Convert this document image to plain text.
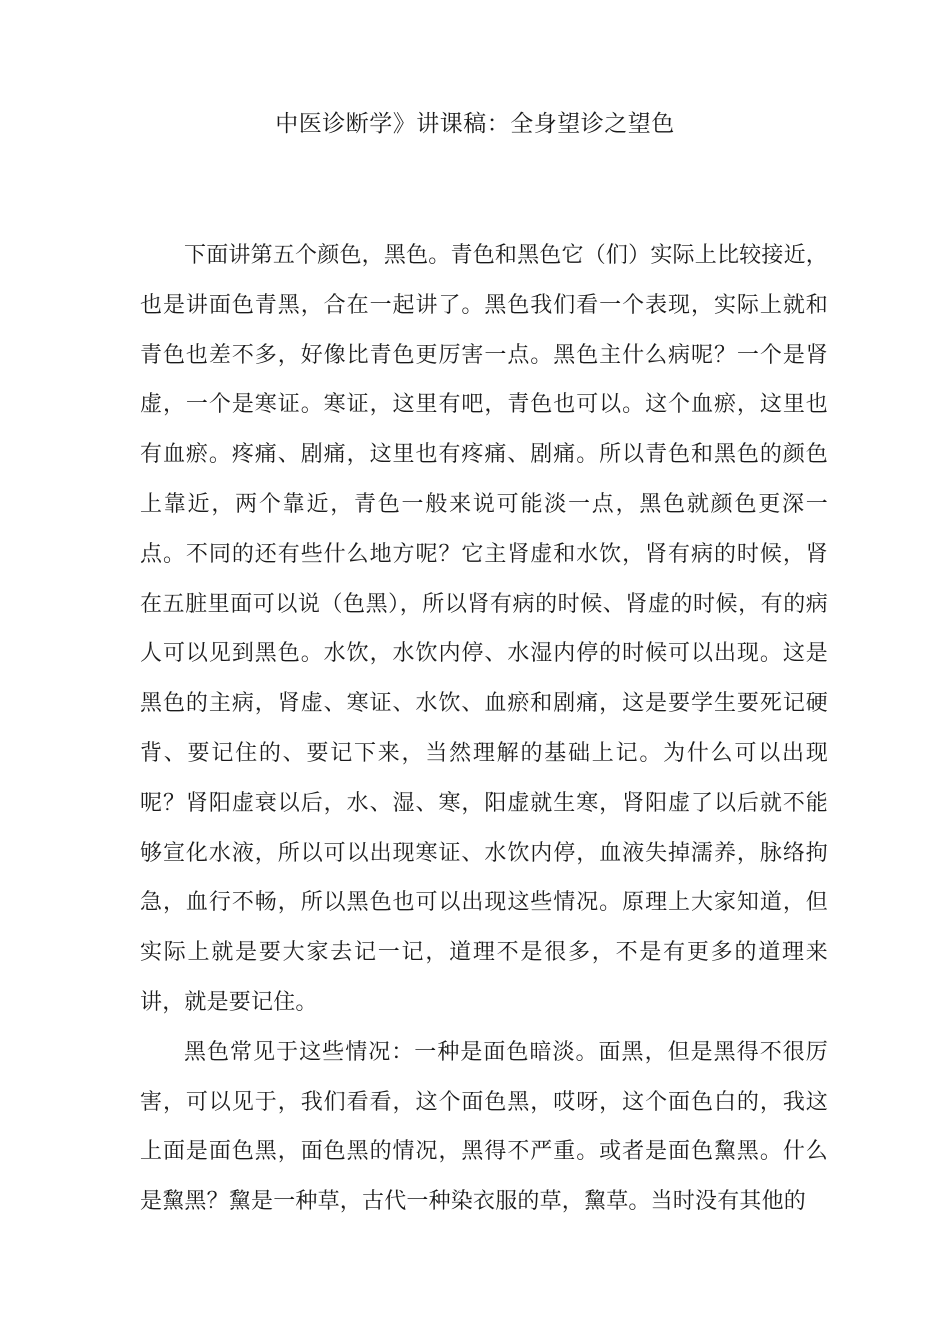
中医诊断学》讲课稿：全身望诊之望色

下面讲第五个颜色，黑色。青色和黑色它（们）实际上比较接近，也是讲面色青黑，合在一起讲了。黑色我们看一个表现，实际上就和青色也差不多，好像比青色更厉害一点。黑色主什么病呢？一个是肾虚，一个是寒证。寒证，这里有吧，青色也可以。这个血瘀，这里也有血瘀。疼痛、剧痛，这里也有疼痛、剧痛。所以青色和黑色的颜色上靠近，两个靠近，青色一般来说可能淡一点，黑色就颜色更深一点。不同的还有些什么地方呢？它主肾虚和水饮，肾有病的时候，肾在五脏里面可以说（色黑），所以肾有病的时候、肾虚的时候，有的病人可以见到黑色。水饮，水饮内停、水湿内停的时候可以出现。这是黑色的主病，肾虚、寒证、水饮、血瘀和剧痛，这是要学生要死记硬背、要记住的、要记下来，当然理解的基础上记。为什么可以出现呢？肾阳虚衰以后，水、湿、寒，阳虚就生寒，肾阳虚了以后就不能够宣化水液，所以可以出现寒证、水饮内停，血液失掉濡养，脉络拘急，血行不畅，所以黑色也可以出现这些情况。原理上大家知道，但实际上就是要大家去记一记，道理不是很多，不是有更多的道理来讲，就是要记住。

黑色常见于这些情况：一种是面色暗淡。面黑，但是黑得不很厉害，可以见于，我们看看，这个面色黑，哎呀，这个面色白的，我这上面是面色黑，面色黑的情况，黑得不严重。或者是面色黧黑。什么是黧黑？黧是一种草，古代一种染衣服的草，黧草。当时没有其他的
